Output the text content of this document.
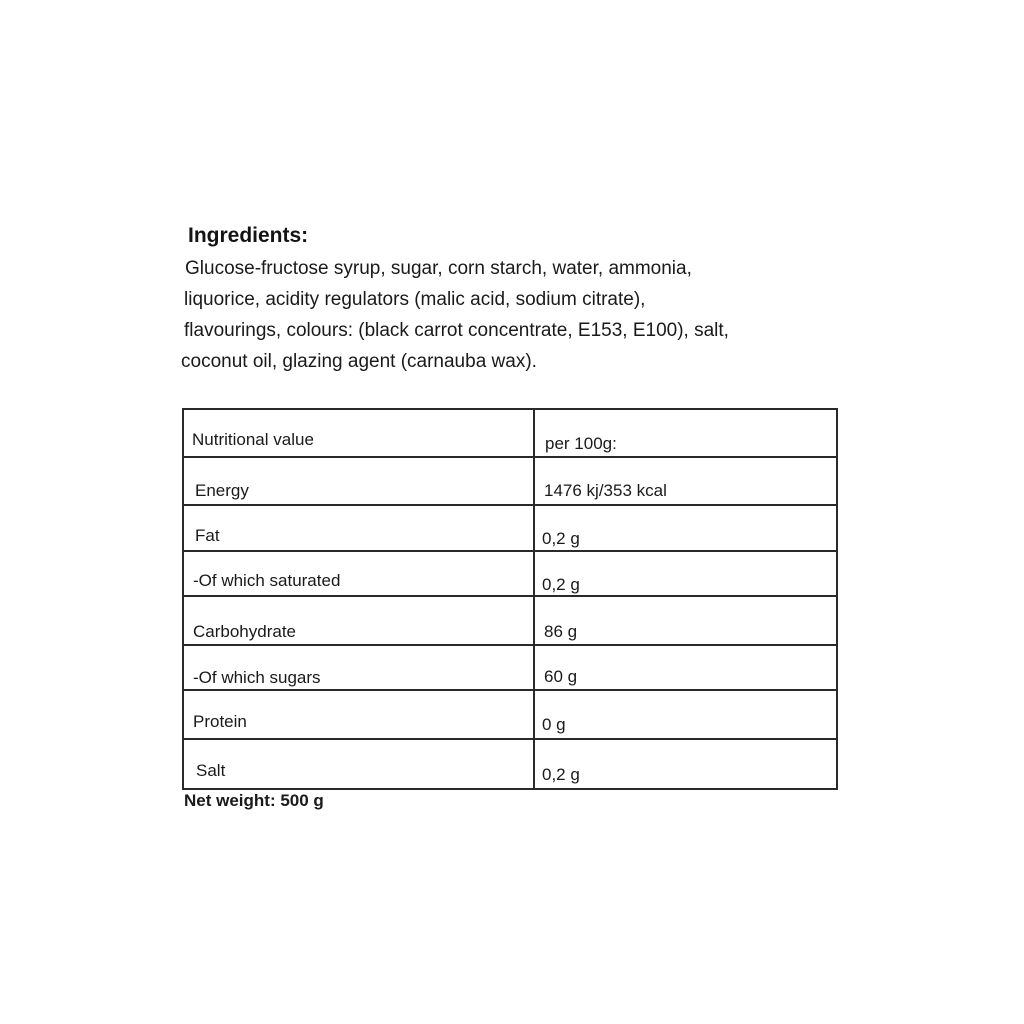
Ingredients:
Glucose-fructose syrup, sugar, corn starch, water, ammonia,
liquorice, acidity regulators (malic acid, sodium citrate),
flavourings, colours: (black carrot concentrate, E153, E100), salt,
coconut oil, glazing agent (carnauba wax).
Nutritional value	per 100g:
Energy	1476 kj/353 kcal
Fat	0,2 g
-Of which saturated	0,2 g
Carbohydrate	86 g
-Of which sugars	60 g
Protein	0 g
Salt	0,2 g
Net weight: 500 g
